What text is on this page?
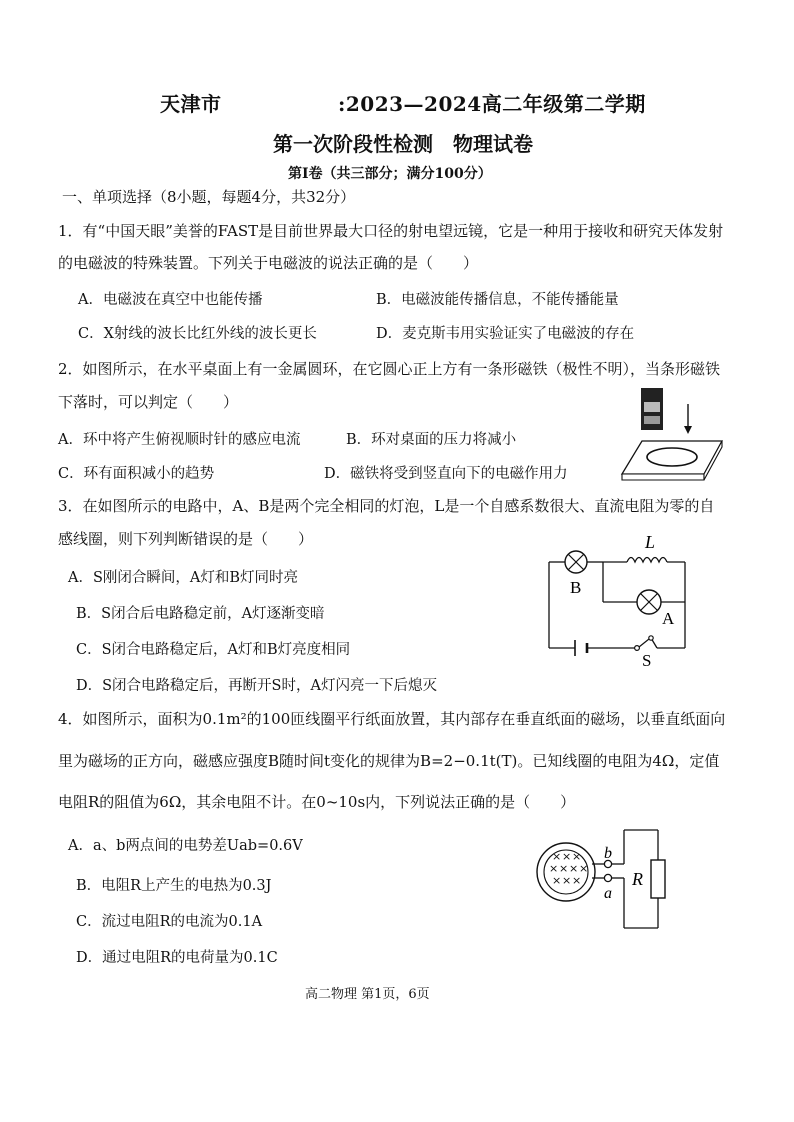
天津市	:2023—2024高二年级第二学期
第一次阶段性检测　物理试卷
第I卷（共三部分；满分100分）
一、单项选择（8小题，每题4分，共32分）
1．有“中国天眼”美誉的FAST是目前世界最大口径的射电望远镜，它是一种用于接收和研究天体发射
的电磁波的特殊装置。下列关于电磁波的说法正确的是（　　）
A．电磁波在真空中也能传播	B．电磁波能传播信息，不能传播能量
C．X射线的波长比红外线的波长更长	D．麦克斯韦用实验证实了电磁波的存在
2．如图所示，在水平桌面上有一金属圆环，在它圆心正上方有一条形磁铁（极性不明），当条形磁铁
下落时，可以判定（　　）
A．环中将产生俯视顺时针的感应电流	B．环对桌面的压力将减小
C．环有面积减小的趋势	D．磁铁将受到竖直向下的电磁作用力
3．在如图所示的电路中，A、B是两个完全相同的灯泡，L是一个自感系数很大、直流电阻为零的自
感线圈，则下列判断错误的是（　　）
A．S刚闭合瞬间，A灯和B灯同时亮
B．S闭合后电路稳定前，A灯逐渐变暗
C．S闭合电路稳定后，A灯和B灯亮度相同
D．S闭合电路稳定后，再断开S时，A灯闪亮一下后熄灭
L
B
A
S
4．如图所示，面积为0.1m²的100匝线圈平行纸面放置，其内部存在垂直纸面的磁场，以垂直纸面向
里为磁场的正方向，磁感应强度B随时间t变化的规律为B=2−0.1t(T)。已知线圈的电阻为4Ω，定值
电阻R的阻值为6Ω，其余电阻不计。在0~10s内，下列说法正确的是（　　）
A．a、b两点间的电势差Uab=0.6V
B．电阻R上产生的电热为0.3J
C．流过电阻R的电流为0.1A
D．通过电阻R的电荷量为0.1C
× × ×
× × × ×
× × ×
b
a
R
高二物理 第1页，6页
